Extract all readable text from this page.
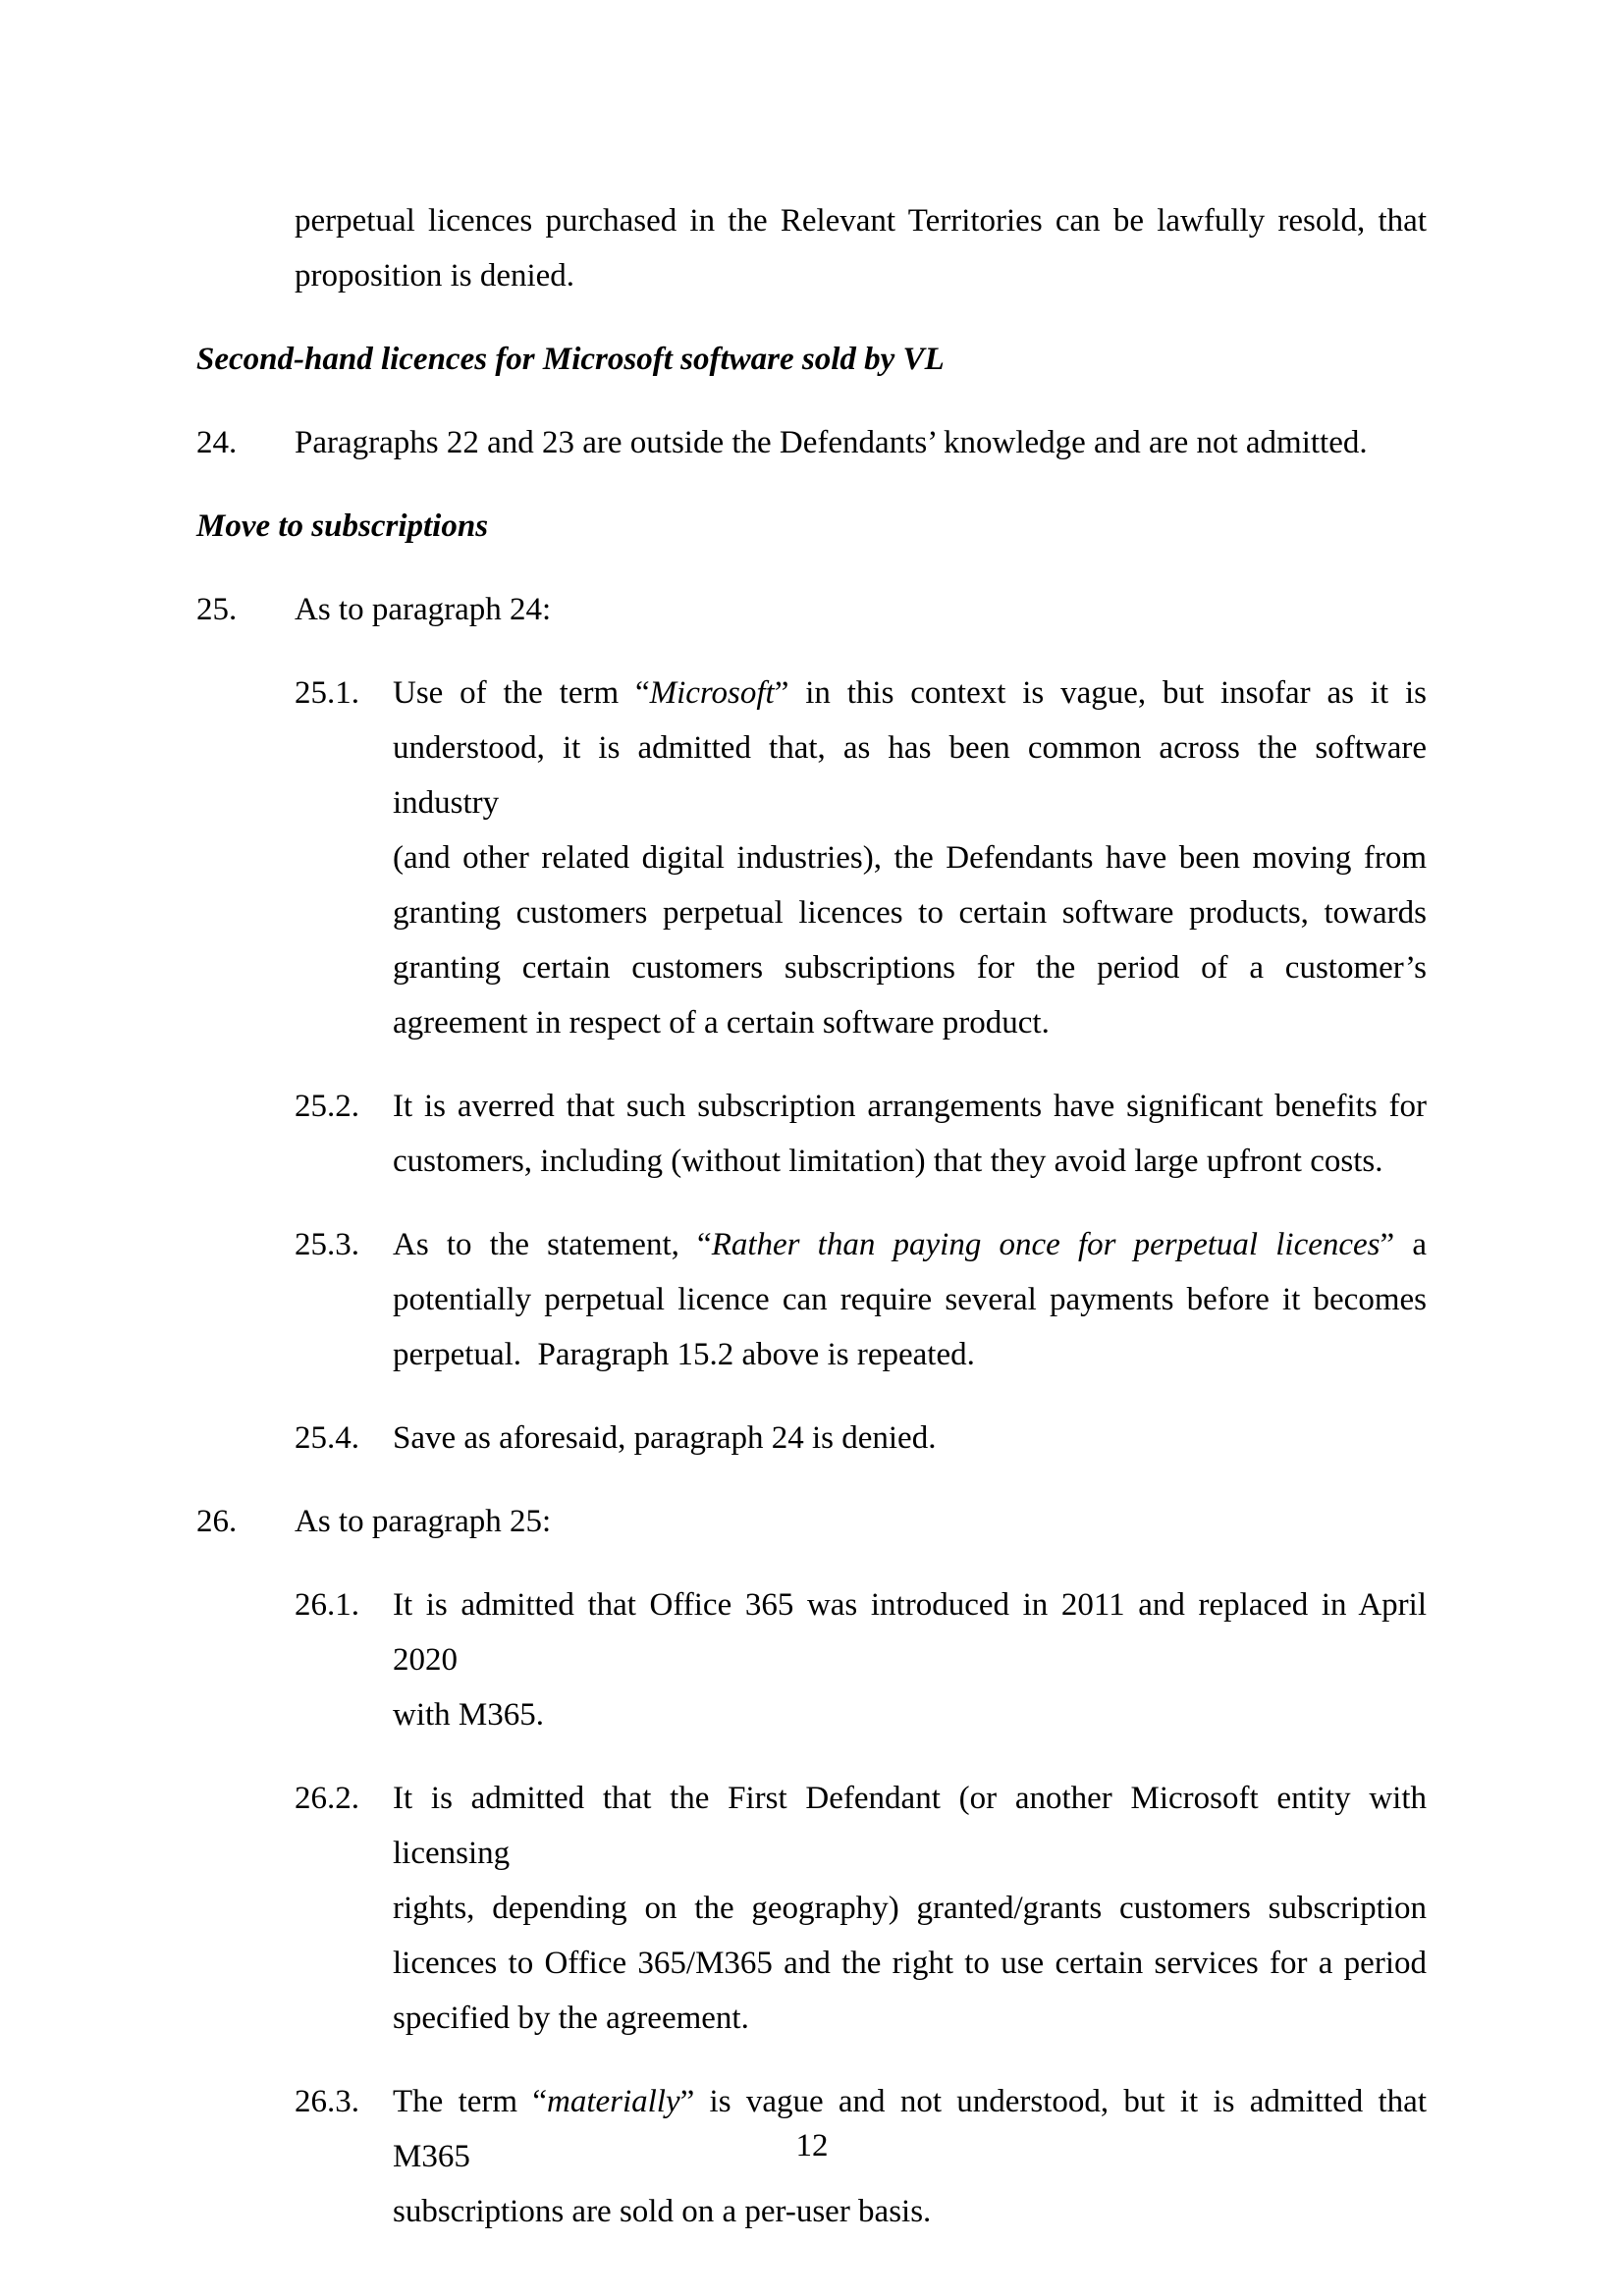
perpetual licences purchased in the Relevant Territories can be lawfully resold, that
proposition is denied.
Second-hand licences for Microsoft software sold by VL
24.	Paragraphs 22 and 23 are outside the Defendants’ knowledge and are not admitted.
Move to subscriptions
25.	As to paragraph 24:
25.1.	Use of the term “Microsoft” in this context is vague, but insofar as it is
understood, it is admitted that, as has been common across the software industry
(and other related digital industries), the Defendants have been moving from
granting customers perpetual licences to certain software products, towards
granting certain customers subscriptions for the period of a customer’s
agreement in respect of a certain software product.
25.2.	It is averred that such subscription arrangements have significant benefits for
customers, including (without limitation) that they avoid large upfront costs.
25.3.	As to the statement, “Rather than paying once for perpetual licences” a
potentially perpetual licence can require several payments before it becomes
perpetual.  Paragraph 15.2 above is repeated.
25.4.	Save as aforesaid, paragraph 24 is denied.
26.	As to paragraph 25:
26.1.	It is admitted that Office 365 was introduced in 2011 and replaced in April 2020
with M365.
26.2.	It is admitted that the First Defendant (or another Microsoft entity with licensing
rights, depending on the geography) granted/grants customers subscription
licences to Office 365/M365 and the right to use certain services for a period
specified by the agreement.
26.3.	The term “materially” is vague and not understood, but it is admitted that M365
subscriptions are sold on a per-user basis.
12
